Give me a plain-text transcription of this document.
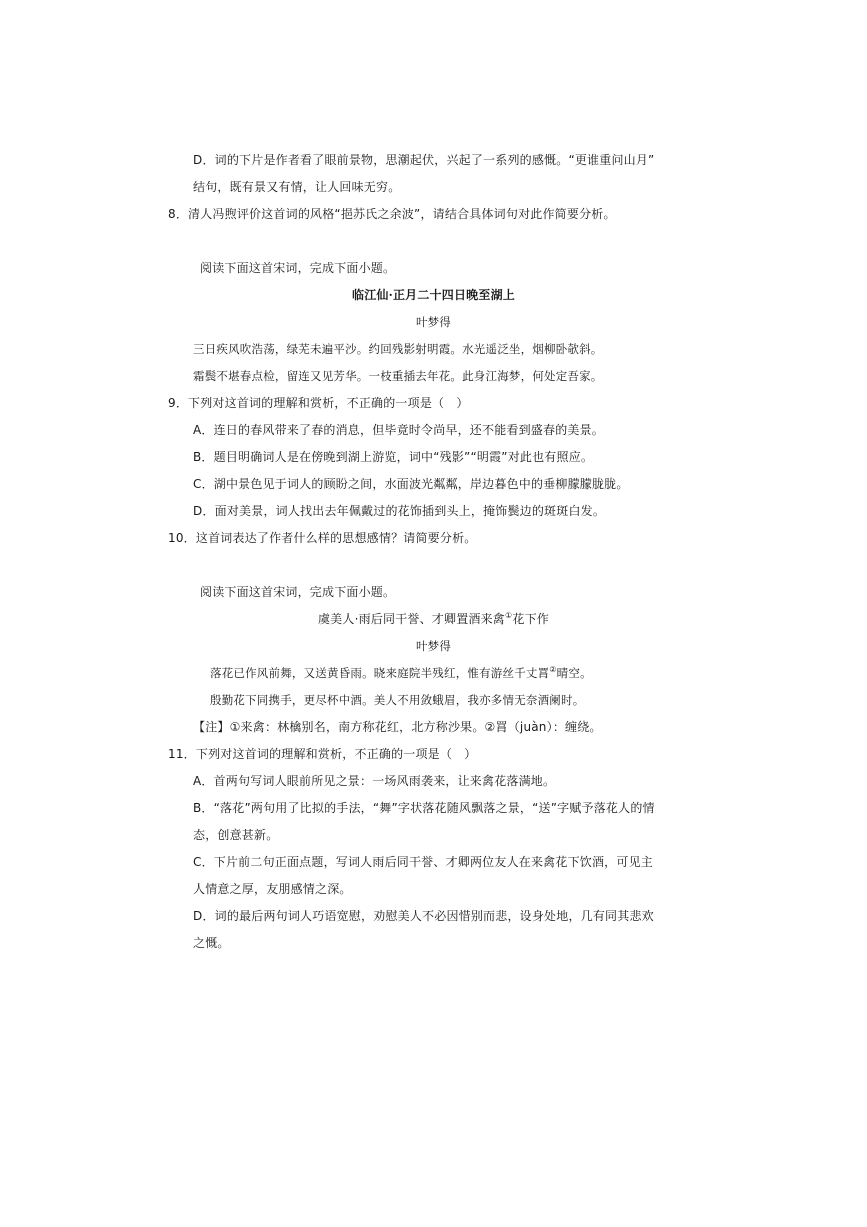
D．词的下片是作者看了眼前景物，思潮起伏，兴起了一系列的感慨。“更谁重问山月”
结句，既有景又有情，让人回味无穷。
8．清人冯煦评价这首词的风格“挹苏氏之余波”，请结合具体词句对此作简要分析。
阅读下面这首宋词，完成下面小题。
临江仙·正月二十四日晚至湖上
叶梦得
三日疾风吹浩荡，绿芜未遍平沙。约回残影射明霞。水光遥泛坐，烟柳卧欹斜。
霜鬓不堪春点检，留连又见芳华。一枝重插去年花。此身江海梦，何处定吾家。
9．下列对这首词的理解和赏析，不正确的一项是（　）
A．连日的春风带来了春的消息，但毕竟时令尚早，还不能看到盛春的美景。
B．题目明确词人是在傍晚到湖上游览，词中“残影”“明霞”对此也有照应。
C．湖中景色见于词人的顾盼之间，水面波光粼粼，岸边暮色中的垂柳朦朦胧胧。
D．面对美景，词人找出去年佩戴过的花饰插到头上，掩饰鬓边的斑斑白发。
10．这首词表达了作者什么样的思想感情？请简要分析。
阅读下面这首宋词，完成下面小题。
虞美人·雨后同干誉、才卿置酒来禽①花下作
叶梦得
落花已作风前舞，又送黄昏雨。晓来庭院半残红，惟有游丝千丈罥②晴空。
殷勤花下同携手，更尽杯中酒。美人不用敛蛾眉，我亦多情无奈酒阑时。
【注】①来禽：林檎别名，南方称花红，北方称沙果。②罥（juàn）：缠绕。
11．下列对这首词的理解和赏析，不正确的一项是（　）
A．首两句写词人眼前所见之景：一场风雨袭来，让来禽花落满地。
B．“落花”两句用了比拟的手法，“舞”字状落花随风飘落之景，“送”字赋予落花人的情
态，创意甚新。
C．下片前二句正面点题，写词人雨后同干誉、才卿两位友人在来禽花下饮酒，可见主
人情意之厚，友朋感情之深。
D．词的最后两句词人巧语宽慰，劝慰美人不必因惜别而悲，设身处地，几有同其悲欢
之慨。
